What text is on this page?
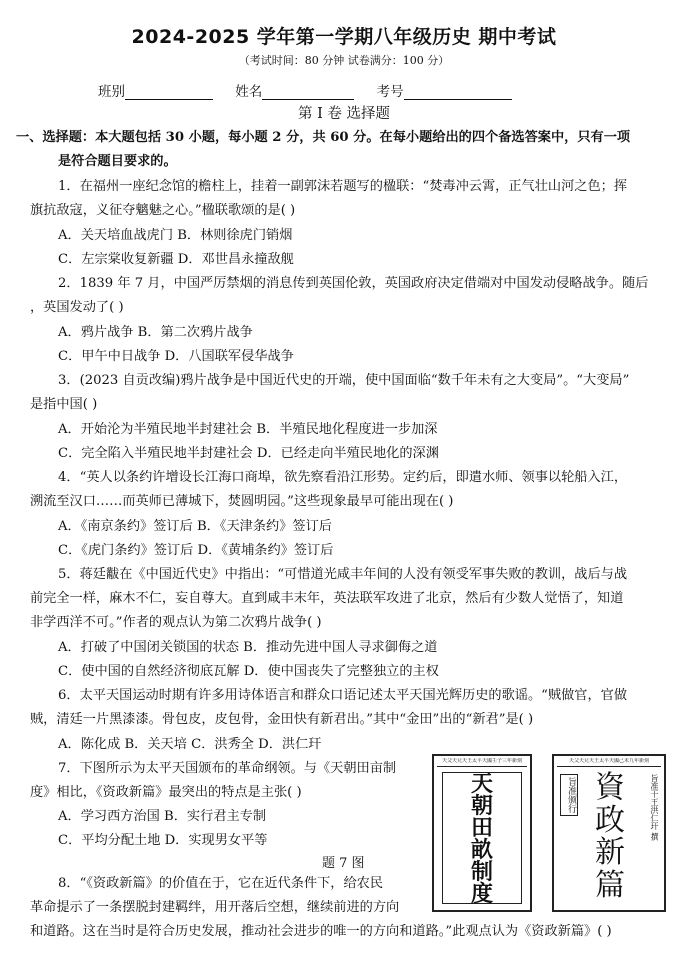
2024-2025 学年第一学期八年级历史 期中考试
（考试时间：80 分钟 试卷满分：100 分）
班别	姓名	考号
第 I 卷 选择题
一、选择题：本大题包括 30 小题，每小题 2 分，共 60 分。在每小题给出的四个备选答案中，只有一项
是符合题目要求的。
1．在福州一座纪念馆的檐柱上，挂着一副郭沫若题写的楹联：“焚毒冲云霄，正气壮山河之色；挥
旗抗敌寇，义征夺魑魅之心。”楹联歌颂的是( )
A．关天培血战虎门 B．林则徐虎门销烟
C．左宗棠收复新疆 D．邓世昌永撞敌舰
2．1839 年 7 月，中国严厉禁烟的消息传到英国伦敦，英国政府决定借端对中国发动侵略战争。随后
，英国发动了( )
A．鸦片战争 B．第二次鸦片战争
C．甲午中日战争 D．八国联军侵华战争
3．(2023 自贡改编)鸦片战争是中国近代史的开端，使中国面临“数千年未有之大变局”。“大变局”
是指中国( )
A．开始沦为半殖民地半封建社会 B．半殖民地化程度进一步加深
C．完全陷入半殖民地半封建社会 D．已经走向半殖民地化的深渊
4．“英人以条约许增设长江海口商埠，欲先察看沿江形势。定约后，即遣水师、领事以轮船入江，
溯流至汉口……而英师已薄城下，焚圆明园。”这些现象最早可能出现在( )
A．《南京条约》签订后 B．《天津条约》签订后
C．《虎门条约》签订后 D．《黄埔条约》签订后
5．蒋廷黻在《中国近代史》中指出：“可惜道光咸丰年间的人没有领受军事失败的教训，战后与战
前完全一样，麻木不仁，妄自尊大。直到咸丰末年，英法联军攻进了北京，然后有少数人觉悟了，知道
非学西洋不可。”作者的观点认为第二次鸦片战争( )
A．打破了中国闭关锁国的状态 B．推动先进中国人寻求御侮之道
C．使中国的自然经济彻底瓦解 D．使中国丧失了完整独立的主权
6．太平天国运动时期有许多用诗体语言和群众口语记述太平天国光辉历史的歌谣。“贼做官，官做
贼，清廷一片黑漆漆。骨包皮，皮包骨，金田快有新君出。”其中“金田”出的“新君”是( )
A．陈化成 B．关天培 C．洪秀全 D．洪仁玕
7．下图所示为太平天国颁布的革命纲领。与《天朝田亩制
度》相比，《资政新篇》最突出的特点是主张( )
A．学习西方治国 B．实行君主专制
C．平均分配土地 D．实现男女平等
题 7 图
8．“《资政新篇》的价值在于，它在近代条件下，给农民
革命提示了一条摆脱封建羁绊，用开落后空想，继续前进的方向
和道路。这在当时是符合历史发展，推动社会进步的唯一的方向和道路。”此观点认为《资政新篇》( )
天父天兄天王太平天國壬子三年新刻
天
朝
田
畝
制
度
天父天兄天王太平天國己未九年新刻
旨准颁行	旨准干王洪仁玕 撰
資
政
新
篇
